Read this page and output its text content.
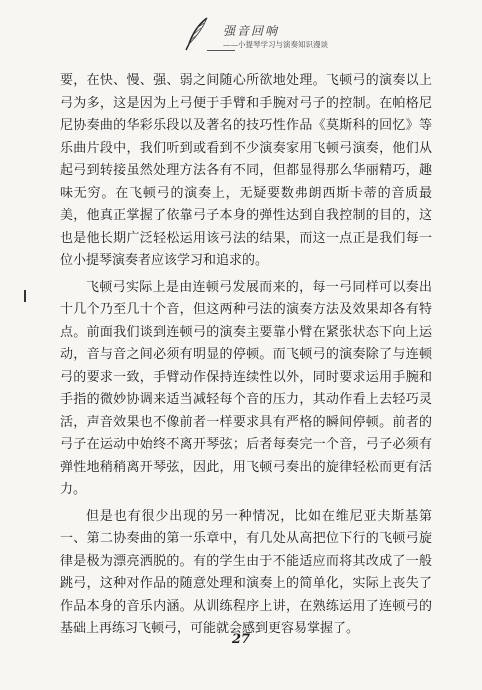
强音回响
——小提琴学习与演奏知识漫谈

要，在快、慢、强、弱之间随心所欲地处理。飞顿弓的演奏以上弓为多，这是因为上弓便于手臂和手腕对弓子的控制。在帕格尼尼协奏曲的华彩乐段以及著名的技巧性作品《莫斯科的回忆》等乐曲片段中，我们听到或看到不少演奏家用飞顿弓演奏，他们从起弓到转接虽然处理方法各有不同，但都显得那么华丽精巧，趣味无穷。在飞顿弓的演奏上，无疑要数弗朗西斯卡蒂的音质最美，他真正掌握了依靠弓子本身的弹性达到自我控制的目的，这也是他长期广泛轻松运用该弓法的结果，而这一点正是我们每一位小提琴演奏者应该学习和追求的。

飞顿弓实际上是由连顿弓发展而来的，每一弓同样可以奏出十几个乃至几十个音，但这两种弓法的演奏方法及效果却各有特点。前面我们谈到连顿弓的演奏主要靠小臂在紧张状态下向上运动，音与音之间必须有明显的停顿。而飞顿弓的演奏除了与连顿弓的要求一致，手臂动作保持连续性以外，同时要求运用手腕和手指的微妙协调来适当减轻每个音的压力，其动作看上去轻巧灵活，声音效果也不像前者一样要求具有严格的瞬间停顿。前者的弓子在运动中始终不离开琴弦；后者每奏完一个音，弓子必须有弹性地稍稍离开琴弦，因此，用飞顿弓奏出的旋律轻松而更有活力。

但是也有很少出现的另一种情况，比如在维尼亚夫斯基第一、第二协奏曲的第一乐章中，有几处从高把位下行的飞顿弓旋律是极为漂亮洒脱的。有的学生由于不能适应而将其改成了一般跳弓，这种对作品的随意处理和演奏上的简单化，实际上丧失了作品本身的音乐内涵。从训练程序上讲，在熟练运用了连顿弓的基础上再练习飞顿弓，可能就会感到更容易掌握了。

27
